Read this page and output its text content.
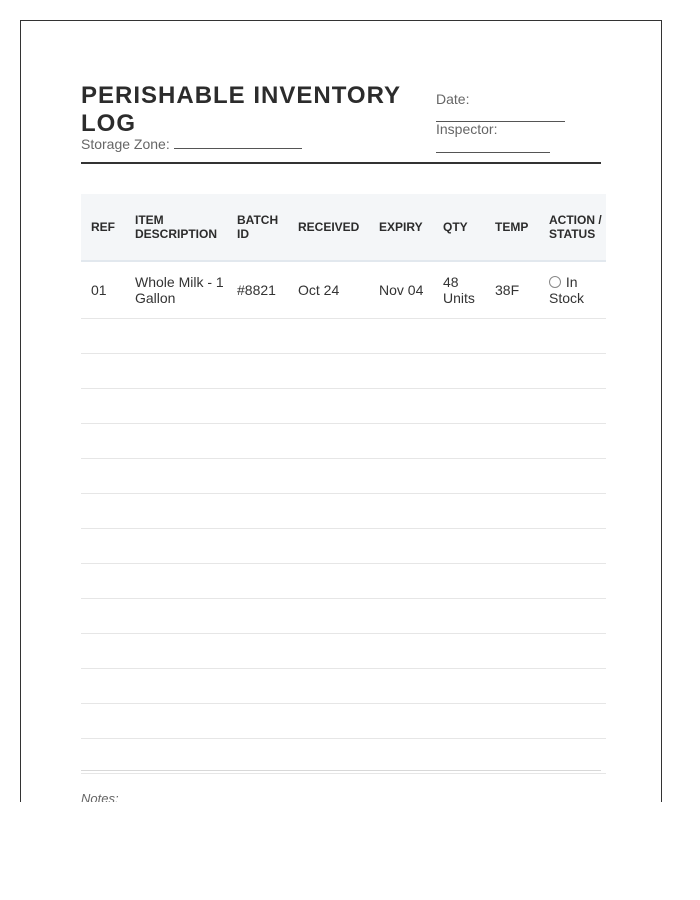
PERISHABLE INVENTORY LOG
Storage Zone:
Date:
Inspector:
REF	ITEM DESCRIPTION	BATCH ID	RECEIVED	EXPIRY	QTY	TEMP	ACTION / STATUS
01	Whole Milk - 1 Gallon	#8821	Oct 24	Nov 04	48 Units	38F	In Stock

Notes:
